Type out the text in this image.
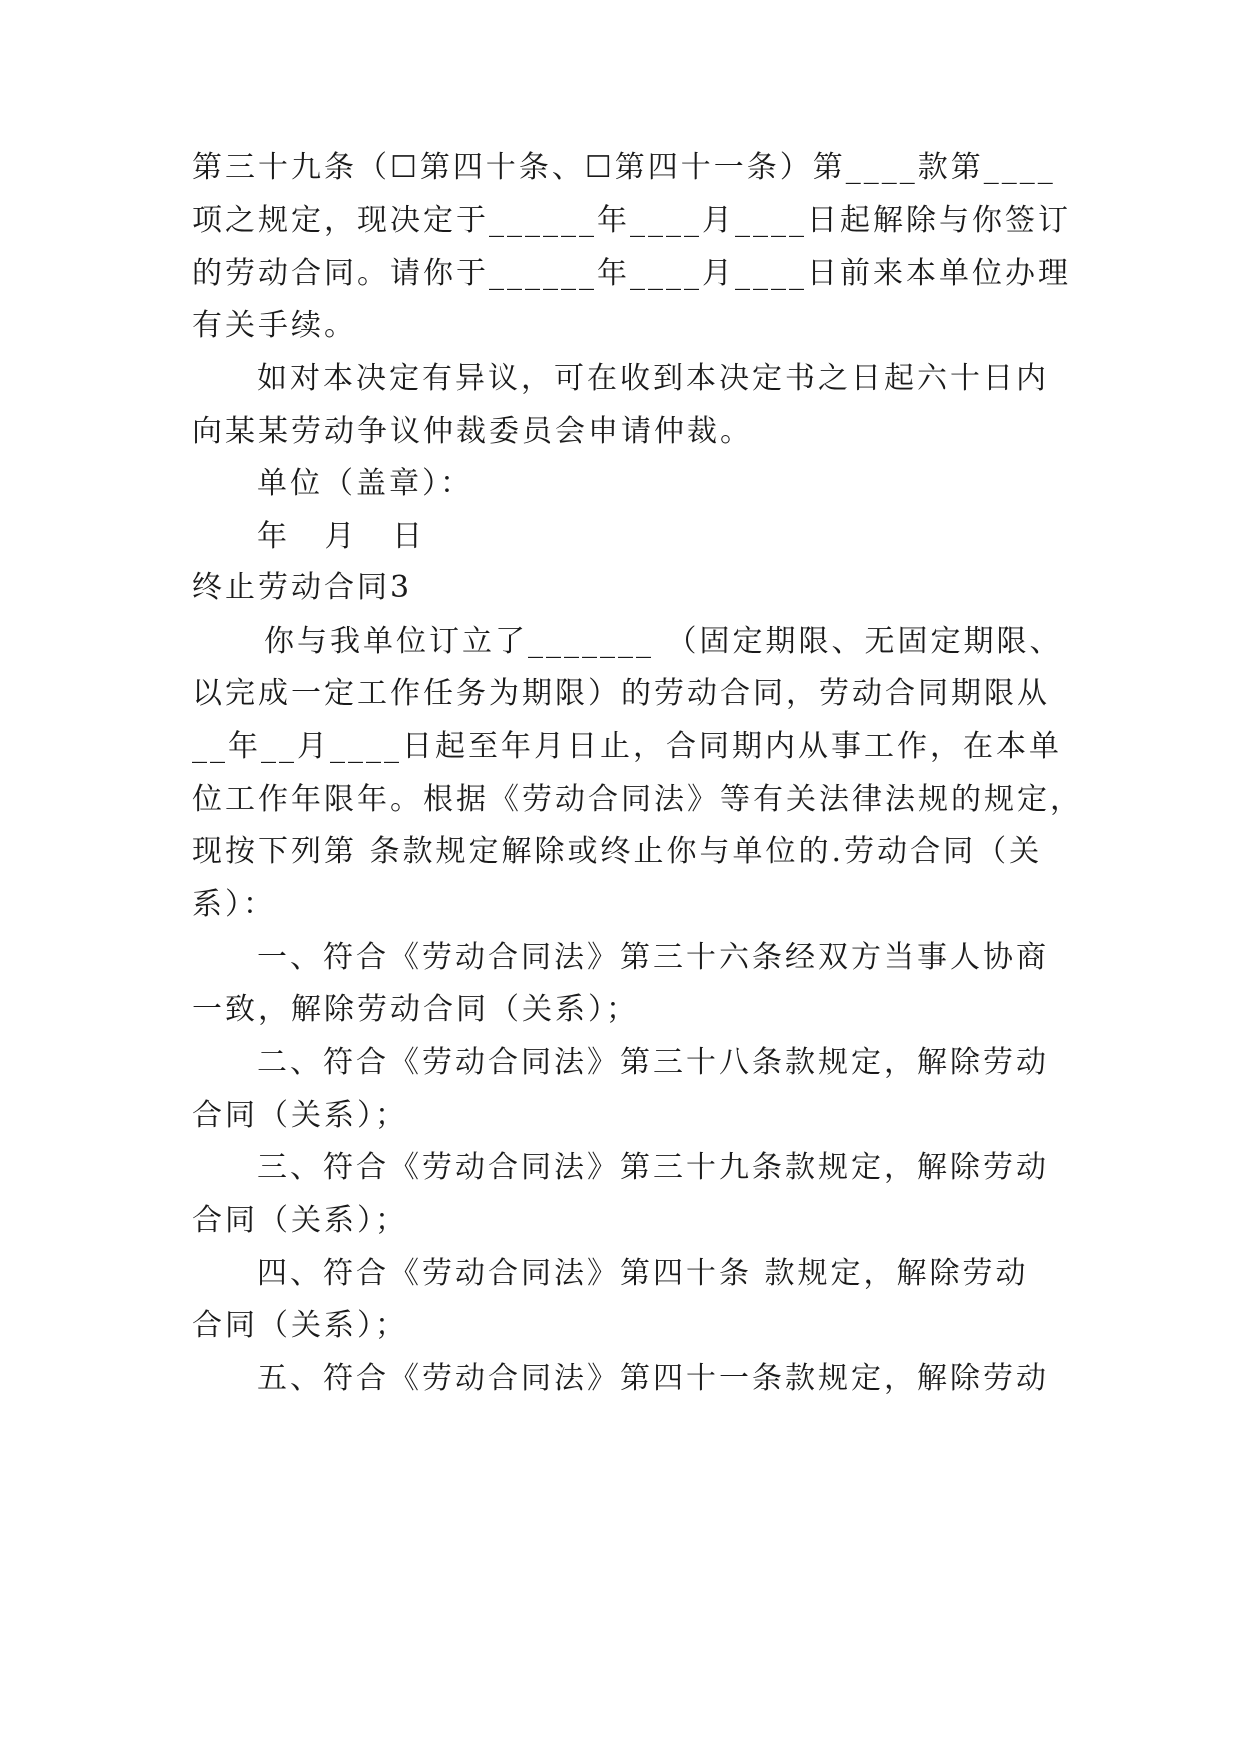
第三十九条（☐第四十条、☐第四十一条）第____款第____
项之规定，现决定于______年____月____日起解除与你签订
的劳动合同。请你于______年____月____日前来本单位办理
有关手续。
如对本决定有异议，可在收到本决定书之日起六十日内
向某某劳动争议仲裁委员会申请仲裁。
单位（盖章）：
年 月 日
终止劳动合同3
你与我单位订立了_______ （固定期限、无固定期限、
以完成一定工作任务为期限）的劳动合同，劳动合同期限从
__年__月____日起至年月日止，合同期内从事工作，在本单
位工作年限年。根据《劳动合同法》等有关法律法规的规定，
现按下列第 条款规定解除或终止你与单位的.劳动合同（关
系）：
一、符合《劳动合同法》第三十六条经双方当事人协商
一致，解除劳动合同（关系）；
二、符合《劳动合同法》第三十八条款规定，解除劳动
合同（关系）；
三、符合《劳动合同法》第三十九条款规定，解除劳动
合同（关系）；
四、符合《劳动合同法》第四十条 款规定，解除劳动
合同（关系）；
五、符合《劳动合同法》第四十一条款规定，解除劳动
